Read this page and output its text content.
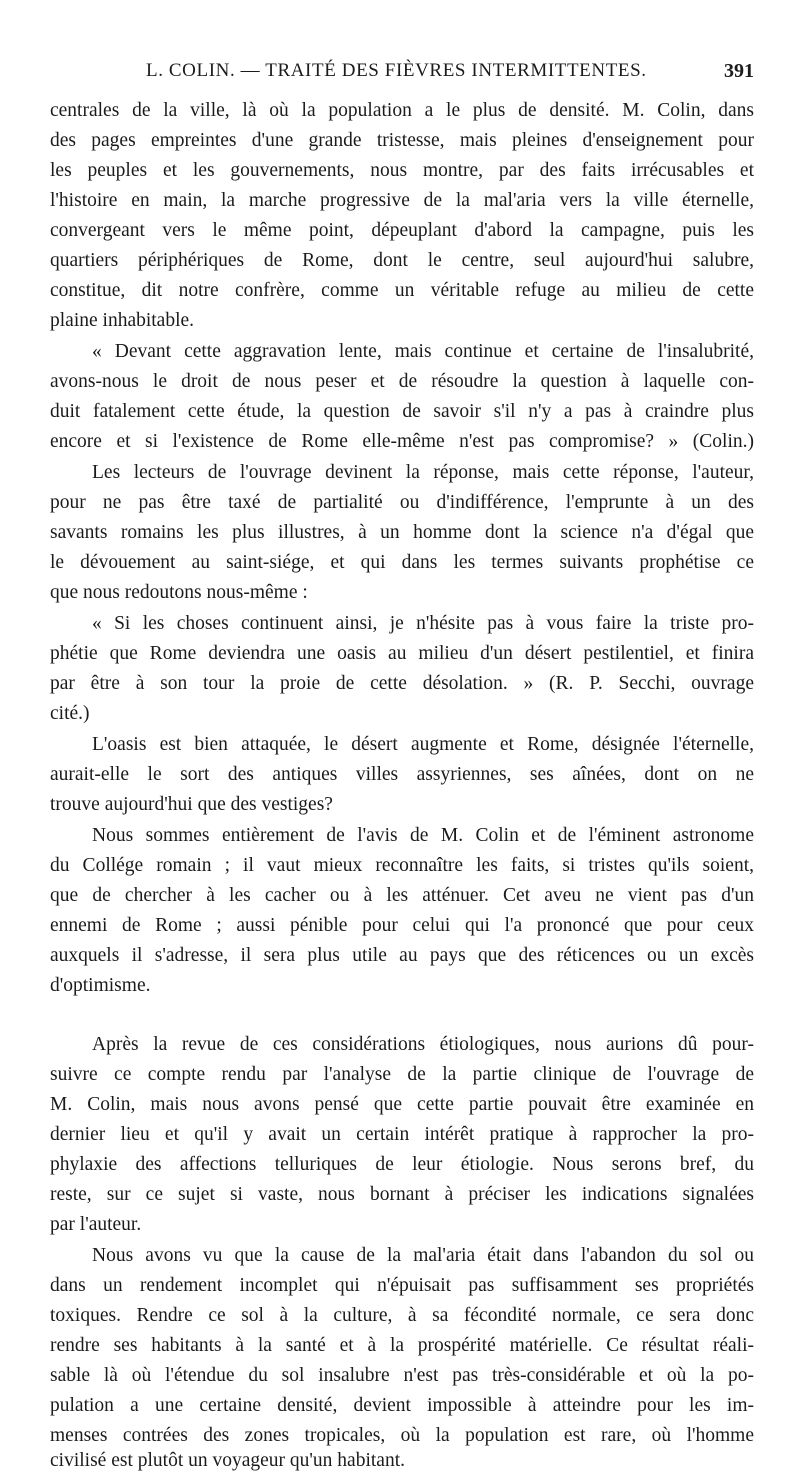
L. COLIN. — TRAITÉ DES FIÈVRES INTERMITTENTES.	391
centrales de la ville, là où la population a le plus de densité. M. Colin, dans
des pages empreintes d'une grande tristesse, mais pleines d'enseignement pour
les peuples et les gouvernements, nous montre, par des faits irrécusables et
l'histoire en main, la marche progressive de la mal'aria vers la ville éternelle,
convergeant vers le même point, dépeuplant d'abord la campagne, puis les
quartiers périphériques de Rome, dont le centre, seul aujourd'hui salubre,
constitue, dit notre confrère, comme un véritable refuge au milieu de cette
plaine inhabitable.
« Devant cette aggravation lente, mais continue et certaine de l'insalubrité,
avons-nous le droit de nous peser et de résoudre la question à laquelle con-
duit fatalement cette étude, la question de savoir s'il n'y a pas à craindre plus
encore et si l'existence de Rome elle-même n'est pas compromise? » (Colin.)
Les lecteurs de l'ouvrage devinent la réponse, mais cette réponse, l'auteur,
pour ne pas être taxé de partialité ou d'indifférence, l'emprunte à un des
savants romains les plus illustres, à un homme dont la science n'a d'égal que
le dévouement au saint-siége, et qui dans les termes suivants prophétise ce
que nous redoutons nous-même :
« Si les choses continuent ainsi, je n'hésite pas à vous faire la triste pro-
phétie que Rome deviendra une oasis au milieu d'un désert pestilentiel, et finira
par être à son tour la proie de cette désolation. » (R. P. Secchi, ouvrage
cité.)
L'oasis est bien attaquée, le désert augmente et Rome, désignée l'éternelle,
aurait-elle le sort des antiques villes assyriennes, ses aînées, dont on ne
trouve aujourd'hui que des vestiges?
Nous sommes entièrement de l'avis de M. Colin et de l'éminent astronome
du Collége romain ; il vaut mieux reconnaître les faits, si tristes qu'ils soient,
que de chercher à les cacher ou à les atténuer. Cet aveu ne vient pas d'un
ennemi de Rome ; aussi pénible pour celui qui l'a prononcé que pour ceux
auxquels il s'adresse, il sera plus utile au pays que des réticences ou un excès
d'optimisme.
Après la revue de ces considérations étiologiques, nous aurions dû pour-
suivre ce compte rendu par l'analyse de la partie clinique de l'ouvrage de
M. Colin, mais nous avons pensé que cette partie pouvait être examinée en
dernier lieu et qu'il y avait un certain intérêt pratique à rapprocher la pro-
phylaxie des affections telluriques de leur étiologie. Nous serons bref, du
reste, sur ce sujet si vaste, nous bornant à préciser les indications signalées
par l'auteur.
Nous avons vu que la cause de la mal'aria était dans l'abandon du sol ou
dans un rendement incomplet qui n'épuisait pas suffisamment ses propriétés
toxiques. Rendre ce sol à la culture, à sa fécondité normale, ce sera donc
rendre ses habitants à la santé et à la prospérité matérielle. Ce résultat réali-
sable là où l'étendue du sol insalubre n'est pas très-considérable et où la po-
pulation a une certaine densité, devient impossible à atteindre pour les im-
menses contrées des zones tropicales, où la population est rare, où l'homme
civilisé est plutôt un voyageur qu'un habitant.
